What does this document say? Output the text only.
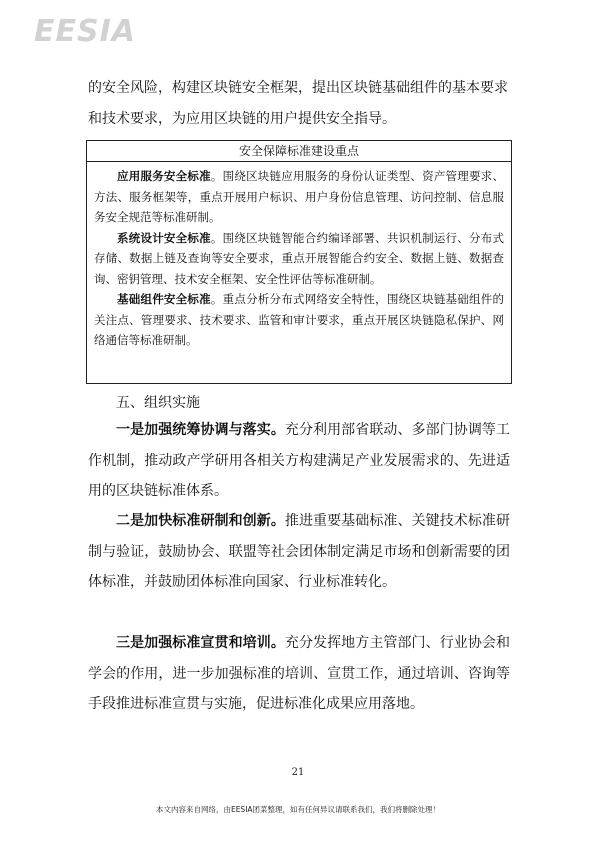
EESIA
的安全风险，构建区块链安全框架，提出区块链基础组件的基本要求和技术要求，为应用区块链的用户提供安全指导。
安全保障标准建设重点

应用服务安全标准。围绕区块链应用服务的身份认证类型、资产管理要求、方法、服务框架等，重点开展用户标识、用户身份信息管理、访问控制、信息服务安全规范等标准研制。

系统设计安全标准。围绕区块链智能合约编译部署、共识机制运行、分布式存储、数据上链及查询等安全要求，重点开展智能合约安全、数据上链、数据查询、密钥管理、技术安全框架、安全性评估等标准研制。

基础组件安全标准。重点分析分布式网络安全特性，围绕区块链基础组件的关注点、管理要求、技术要求、监管和审计要求，重点开展区块链隐私保护、网络通信等标准研制。

五、组织实施
一是加强统筹协调与落实。充分利用部省联动、多部门协调等工作机制，推动政产学研用各相关方构建满足产业发展需求的、先进适用的区块链标准体系。
二是加快标准研制和创新。推进重要基础标准、关键技术标准研制与验证，鼓励协会、联盟等社会团体制定满足市场和创新需要的团体标准，并鼓励团体标准向国家、行业标准转化。
三是加强标准宣贯和培训。充分发挥地方主管部门、行业协会和学会的作用，进一步加强标准的培训、宣贯工作，通过培训、咨询等手段推进标准宣贯与实施，促进标准化成果应用落地。
21
本文内容来自网络，由EESIA团菜整理，如有任何异议请联系我们，我们将删除处理！
